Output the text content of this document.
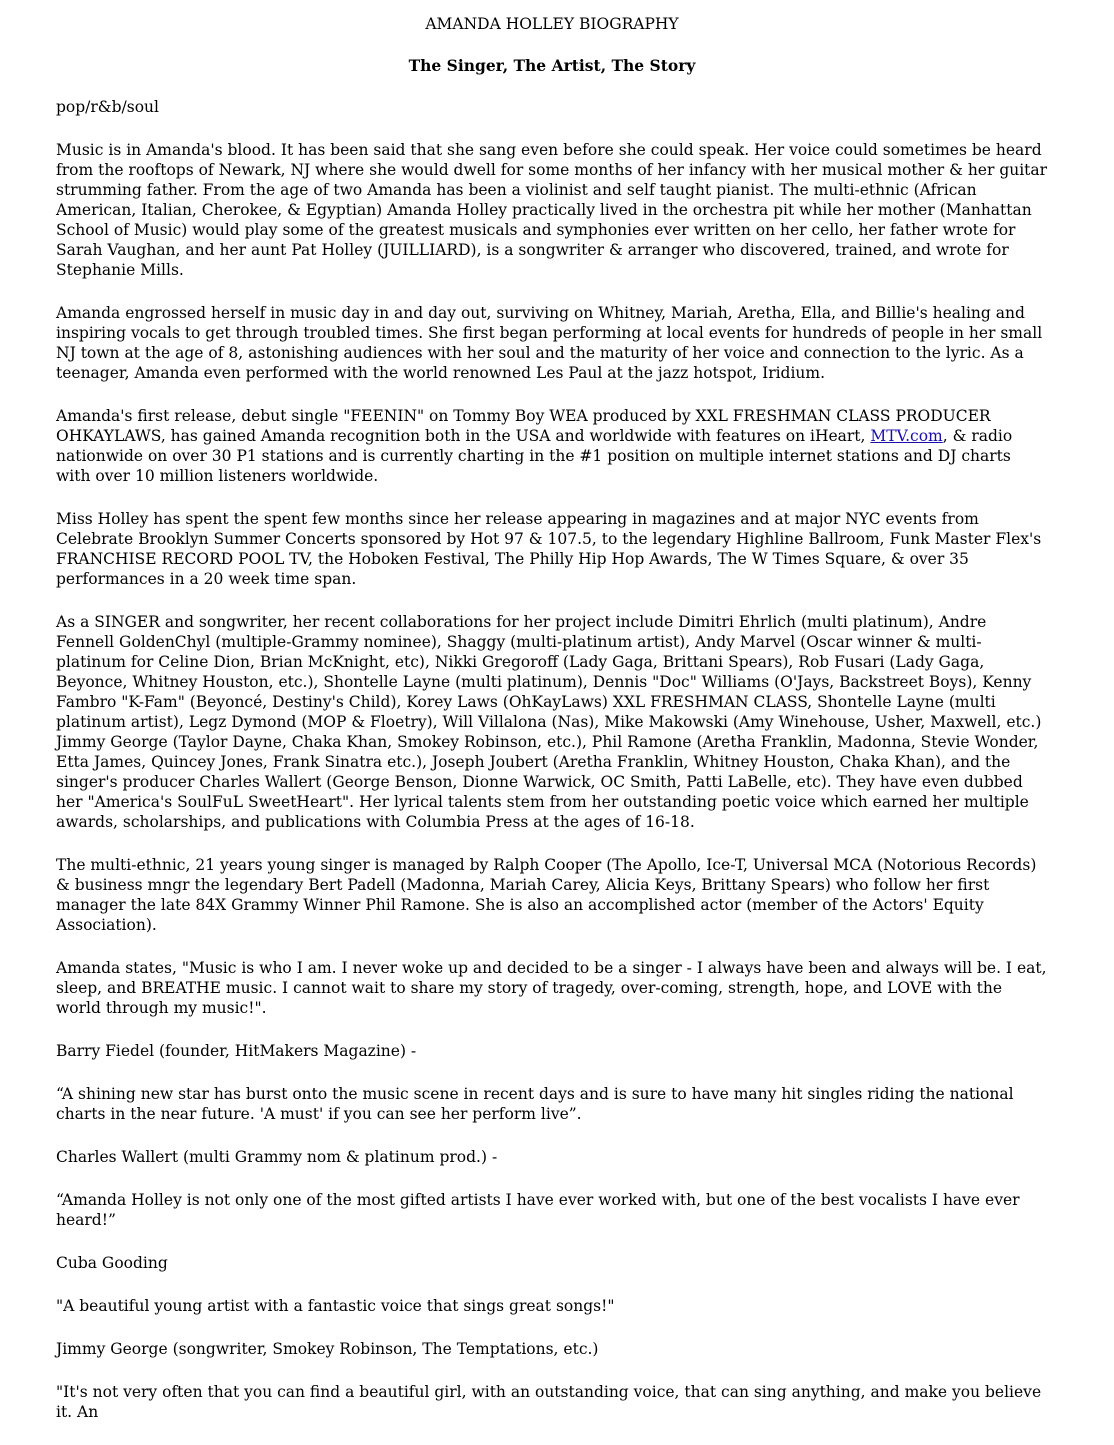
AMANDA HOLLEY BIOGRAPHY
The Singer, The Artist, The Story
pop/r&b/soul
Music is in Amanda's blood. It has been said that she sang even before she could speak. Her voice could sometimes be heard from the rooftops of Newark, NJ where she would dwell for some months of her infancy with her musical mother & her guitar strumming father. From the age of two Amanda has been a violinist and self taught pianist. The multi-ethnic (African American, Italian, Cherokee, & Egyptian) Amanda Holley practically lived in the orchestra pit while her mother (Manhattan School of Music) would play some of the greatest musicals and symphonies ever written on her cello, her father wrote for Sarah Vaughan, and her aunt Pat Holley (JUILLIARD), is a songwriter & arranger who discovered, trained, and wrote for Stephanie Mills.
Amanda engrossed herself in music day in and day out, surviving on Whitney, Mariah, Aretha, Ella, and Billie's healing and inspiring vocals to get through troubled times. She first began performing at local events for hundreds of people in her small NJ town at the age of 8, astonishing audiences with her soul and the maturity of her voice and connection to the lyric. As a teenager, Amanda even performed with the world renowned Les Paul at the jazz hotspot, Iridium.
Amanda's first release, debut single "FEENIN" on Tommy Boy WEA produced by XXL FRESHMAN CLASS PRODUCER OHKAYLAWS, has gained Amanda recognition both in the USA and worldwide with features on iHeart, MTV.com, & radio nationwide on over 30 P1 stations and is currently charting in the #1 position on multiple internet stations and DJ charts with over 10 million listeners worldwide.
Miss Holley has spent the spent few months since her release appearing in magazines and at major NYC events from Celebrate Brooklyn Summer Concerts sponsored by Hot 97 & 107.5, to the legendary Highline Ballroom, Funk Master Flex's FRANCHISE RECORD POOL TV, the Hoboken Festival, The Philly Hip Hop Awards, The W Times Square, & over 35 performances in a 20 week time span.
As a SINGER and songwriter, her recent collaborations for her project include Dimitri Ehrlich (multi platinum), Andre Fennell GoldenChyl (multiple-Grammy nominee), Shaggy (multi-platinum artist), Andy Marvel (Oscar winner & multi-platinum for Celine Dion, Brian McKnight, etc), Nikki Gregoroff (Lady Gaga, Brittani Spears), Rob Fusari (Lady Gaga, Beyonce, Whitney Houston, etc.), Shontelle Layne (multi platinum), Dennis "Doc" Williams (O'Jays, Backstreet Boys), Kenny Fambro "K-Fam" (Beyoncé, Destiny's Child), Korey Laws (OhKayLaws) XXL FRESHMAN CLASS, Shontelle Layne (multi platinum artist), Legz Dymond (MOP & Floetry), Will Villalona (Nas), Mike Makowski (Amy Winehouse, Usher, Maxwell, etc.) Jimmy George (Taylor Dayne, Chaka Khan, Smokey Robinson, etc.), Phil Ramone (Aretha Franklin, Madonna, Stevie Wonder, Etta James, Quincey Jones, Frank Sinatra etc.), Joseph Joubert (Aretha Franklin, Whitney Houston, Chaka Khan), and the singer's producer Charles Wallert (George Benson, Dionne Warwick, OC Smith, Patti LaBelle, etc). They have even dubbed her "America's SoulFuL SweetHeart". Her lyrical talents stem from her outstanding poetic voice which earned her multiple awards, scholarships, and publications with Columbia Press at the ages of 16-18.
The multi-ethnic, 21 years young singer is managed by Ralph Cooper (The Apollo, Ice-T, Universal MCA (Notorious Records) & business mngr the legendary Bert Padell (Madonna, Mariah Carey, Alicia Keys, Brittany Spears) who follow her first manager the late 84X Grammy Winner Phil Ramone. She is also an accomplished actor (member of the Actors' Equity Association).
Amanda states, "Music is who I am. I never woke up and decided to be a singer - I always have been and always will be. I eat, sleep, and BREATHE music. I cannot wait to share my story of tragedy, over-coming, strength, hope, and LOVE with the world through my music!".
Barry Fiedel (founder, HitMakers Magazine) -
“A shining new star has burst onto the music scene in recent days and is sure to have many hit singles riding the national charts in the near future. 'A must' if you can see her perform live”.
Charles Wallert (multi Grammy nom & platinum prod.) -
“Amanda Holley is not only one of the most gifted artists I have ever worked with, but one of the best vocalists I have ever heard!”
Cuba Gooding
"A beautiful young artist with a fantastic voice that sings great songs!"
Jimmy George (songwriter, Smokey Robinson, The Temptations, etc.)
"It's not very often that you can find a beautiful girl, with an outstanding voice, that can sing anything, and make you believe it. An
